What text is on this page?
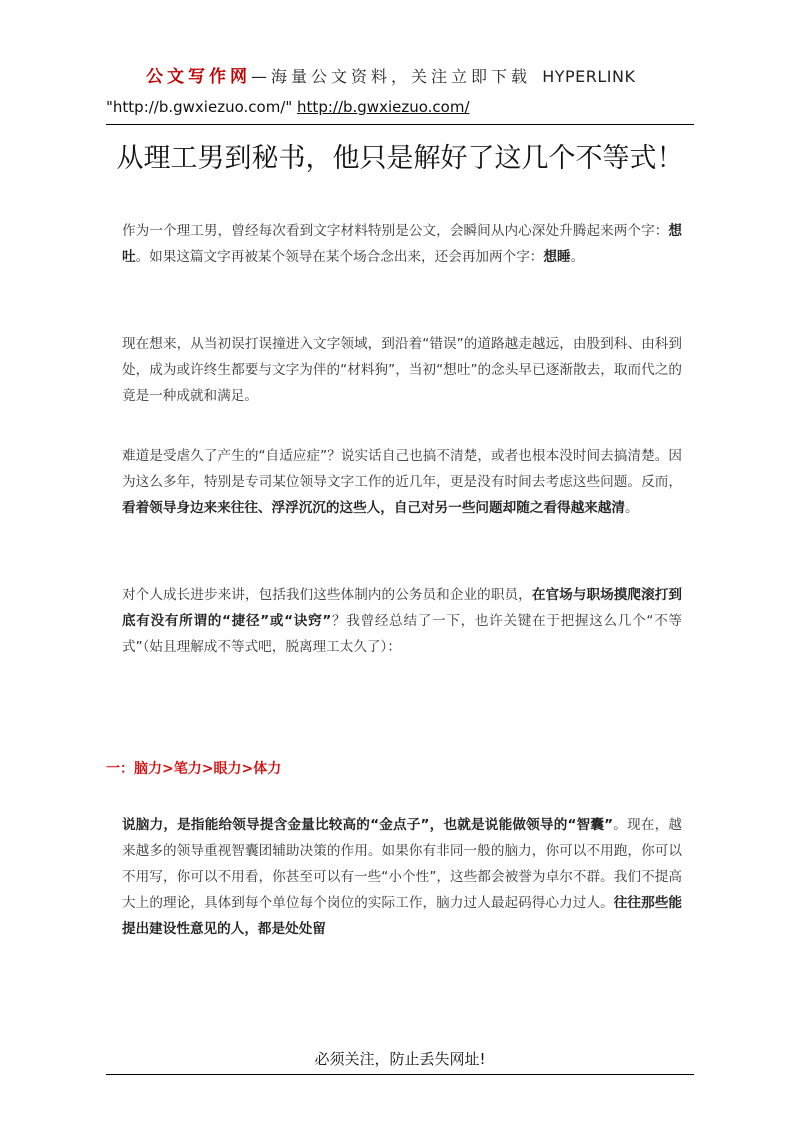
公文写作网—海量公文资料，关注立即下载 HYPERLINK
"http://b.gwxiezuo.com/" http://b.gwxiezuo.com/
从理工男到秘书，他只是解好了这几个不等式！
作为一个理工男，曾经每次看到文字材料特别是公文，会瞬间从内心深处升腾起来两个字：想吐。如果这篇文字再被某个领导在某个场合念出来，还会再加两个字：想睡。
现在想来，从当初误打误撞进入文字领域，到沿着“错误”的道路越走越远，由股到科、由科到处，成为或许终生都要与文字为伴的“材料狗”，当初“想吐”的念头早已逐渐散去，取而代之的竟是一种成就和满足。
难道是受虐久了产生的“自适应症”？说实话自己也搞不清楚，或者也根本没时间去搞清楚。因为这么多年，特别是专司某位领导文字工作的近几年，更是没有时间去考虑这些问题。反而，看着领导身边来来往往、浮浮沉沉的这些人，自己对另一些问题却随之看得越来越清。
对个人成长进步来讲，包括我们这些体制内的公务员和企业的职员，在官场与职场摸爬滚打到底有没有所谓的“捷径”或“诀窍”？我曾经总结了一下，也许关键在于把握这么几个“不等式”（姑且理解成不等式吧，脱离理工太久了）：
一：脑力>笔力>眼力>体力
说脑力，是指能给领导提含金量比较高的“金点子”，也就是说能做领导的“智囊”。现在，越来越多的领导重视智囊团辅助决策的作用。如果你有非同一般的脑力，你可以不用跑，你可以不用写，你可以不用看，你甚至可以有一些“小个性”，这些都会被誉为卓尔不群。我们不提高大上的理论，具体到每个单位每个岗位的实际工作，脑力过人最起码得心力过人。往往那些能提出建设性意见的人，都是处处留
必须关注，防止丢失网址!
